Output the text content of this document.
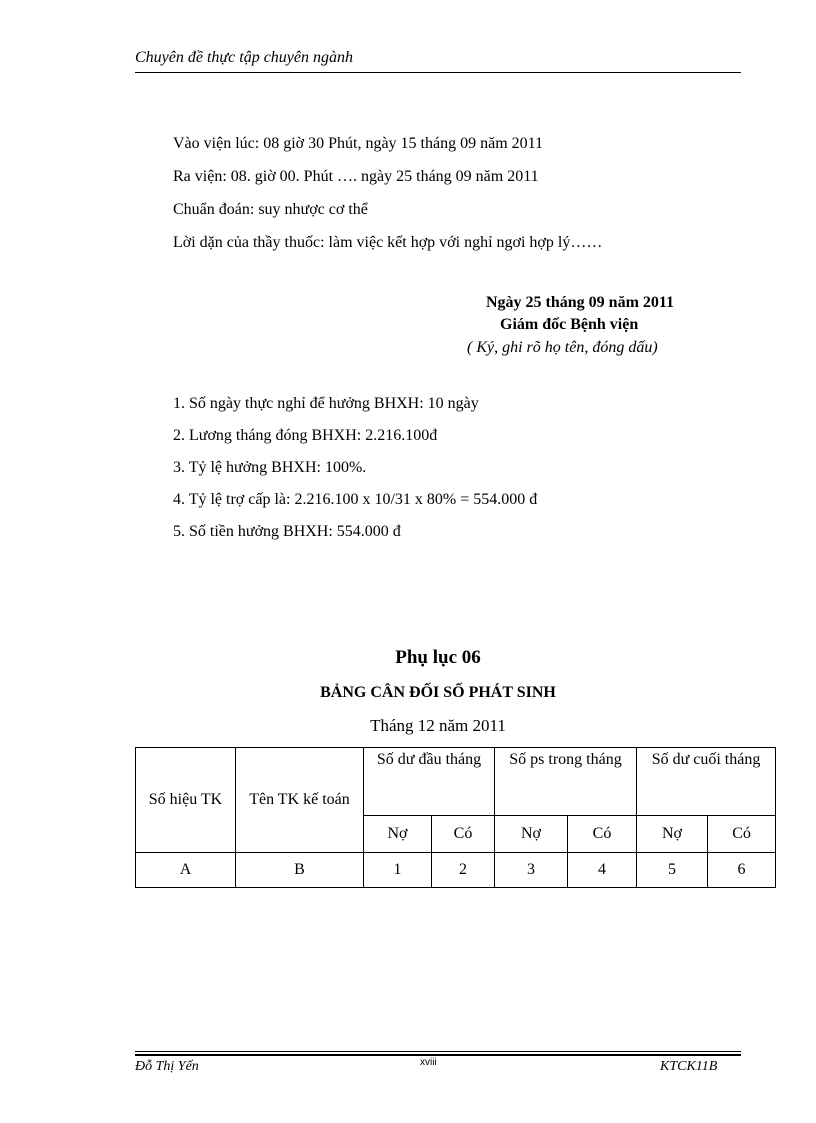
Chuyên đề thực tập chuyên ngành
Vào viện lúc: 08 giờ 30 Phút, ngày 15 tháng 09 năm 2011
Ra viện: 08. giờ 00. Phút …. ngày 25 tháng 09 năm 2011
Chuẩn đoán: suy nhược cơ thể
Lời dặn của thầy thuốc: làm việc kết hợp với nghỉ ngơi hợp lý……
Ngày 25 tháng 09 năm 2011
Giám đốc Bệnh viện
( Ký, ghi rõ họ tên, đóng dấu)
1. Số ngày thực nghỉ để hưởng BHXH: 10 ngày
2. Lương tháng đóng BHXH: 2.216.100đ
3. Tỷ lệ hưởng BHXH: 100%.
4. Tỷ lệ trợ cấp là: 2.216.100 x 10/31 x 80% = 554.000 đ
5. Số tiền hưởng BHXH: 554.000 đ
Phụ lục 06
BẢNG CÂN ĐỐI SỐ PHÁT SINH
Tháng 12 năm 2011
Số hiệu TK	Tên TK kế toán	Số dư đầu tháng		Số ps trong tháng		Số dư cuối tháng	
		Nợ	Có	Nợ	Có	Nợ	Có
A	B	1	2	3	4	5	6
Đỗ Thị Yến	xviii	KTCK11B
